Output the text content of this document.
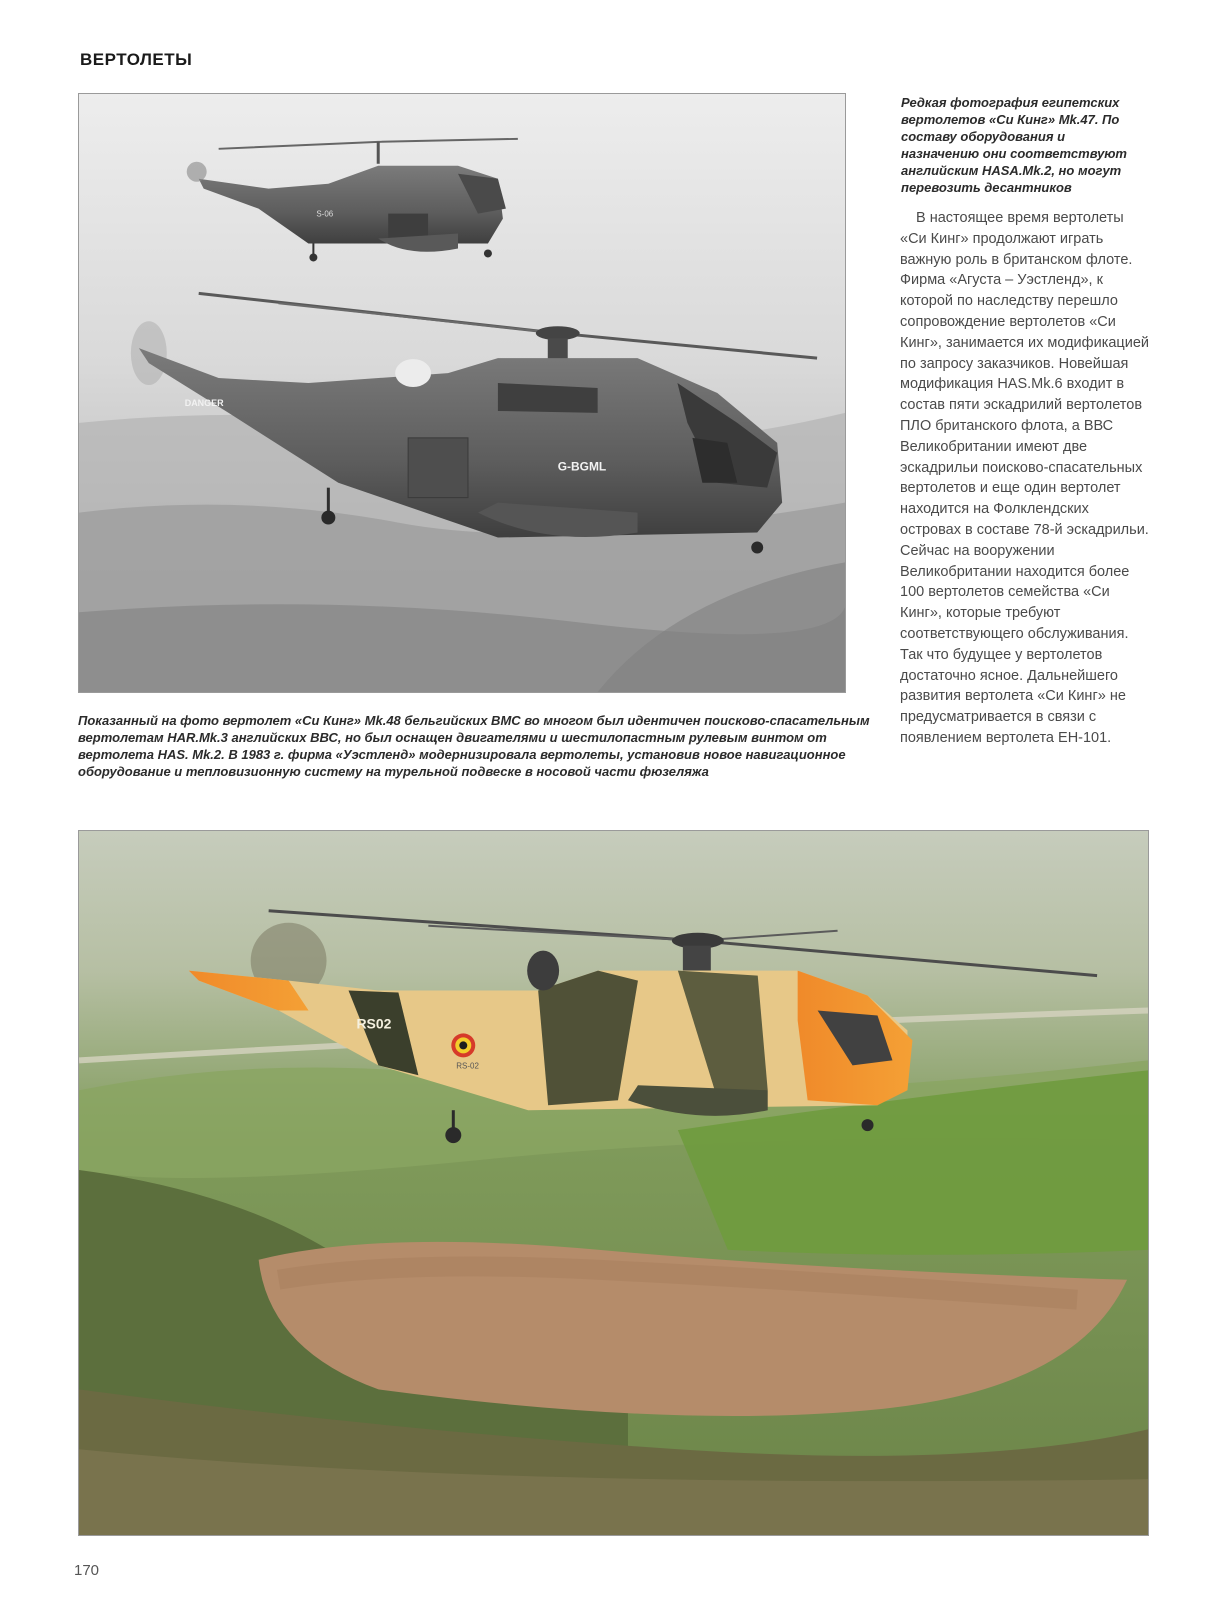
ВЕРТОЛЕТЫ
S-06
DANGER
G-BGML

Показанный на фото вертолет «Си Кинг» Mk.48 бельгийских ВМС во многом был идентичен поисково-спасательным вертолетам HAR.Mk.3 английских ВВС, но был оснащен двигателями и шестилопастным рулевым винтом от вертолета HAS. Mk.2. В 1983 г. фирма «Уэстленд» модернизировала вертолеты, установив новое навигационное оборудование и тепловизионную систему на турельной подвеске в носовой части фюзеляжа

Редкая фотография египетских вертолетов «Си Кинг» Mk.47. По составу оборудования и назначению они соответствуют английским HASA.Mk.2, но могут перевозить десантников

В настоящее время вертолеты «Си Кинг» продолжают играть важную роль в британском флоте. Фирма «Агуста – Уэстленд», к которой по наследству перешло сопровождение вертолетов «Си Кинг», занимается их модификацией по запросу заказчиков. Новейшая модификация HAS.Mk.6 входит в состав пяти эскадрилий вертолетов ПЛО британского флота, а ВВС Великобритании имеют две эскадрильи поисково-спасательных вертолетов и еще один вертолет находится на Фолклендских островах в составе 78-й эскадрильи. Сейчас на вооружении Великобритании находится более 100 вертолетов семейства «Си Кинг», которые требуют соответствующего обслуживания. Так что будущее у вертолетов достаточно ясное. Дальнейшего развития вертолета «Си Кинг» не предусматривается в связи с появлением вертолета EH-101.

RS02
RS-02
170
